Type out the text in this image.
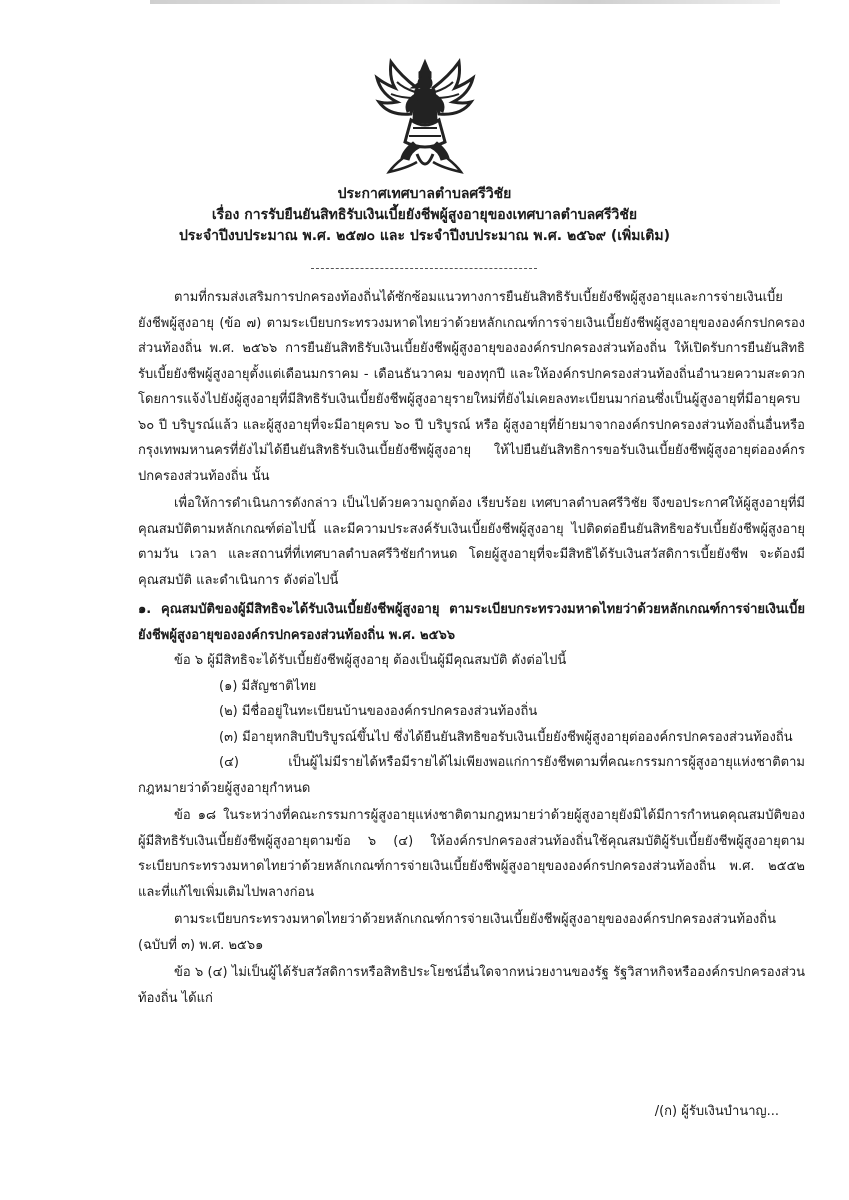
ประกาศเทศบาลตำบลศรีวิชัย
เรื่อง การรับยืนยันสิทธิรับเงินเบี้ยยังชีพผู้สูงอายุของเทศบาลตำบลศรีวิชัย
ประจำปีงบประมาณ พ.ศ. ๒๕๗๐ และ ประจำปีงบประมาณ พ.ศ. ๒๕๖๙ (เพิ่มเติม)

ตามที่กรมส่งเสริมการปกครองท้องถิ่นได้ซักซ้อมแนวทางการยืนยันสิทธิรับเบี้ยยังชีพผู้สูงอายุและการจ่ายเงินเบี้ยยังชีพผู้สูงอายุ (ข้อ ๗) ตามระเบียบกระทรวงมหาดไทยว่าด้วยหลักเกณฑ์การจ่ายเงินเบี้ยยังชีพผู้สูงอายุขององค์กรปกครองส่วนท้องถิ่น พ.ศ. ๒๕๖๖ การยืนยันสิทธิรับเงินเบี้ยยังชีพผู้สูงอายุขององค์กรปกครองส่วนท้องถิ่น ให้เปิดรับการยืนยันสิทธิรับเบี้ยยังชีพผู้สูงอายุตั้งแต่เดือนมกราคม - เดือนธันวาคม ของทุกปี และให้องค์กรปกครองส่วนท้องถิ่นอำนวยความสะดวกโดยการแจ้งไปยังผู้สูงอายุที่มีสิทธิรับเงินเบี้ยยังชีพผู้สูงอายุรายใหม่ที่ยังไม่เคยลงทะเบียนมาก่อนซึ่งเป็นผู้สูงอายุที่มีอายุครบ ๖๐ ปี บริบูรณ์แล้ว และผู้สูงอายุที่จะมีอายุครบ ๖๐ ปี บริบูรณ์ หรือ ผู้สูงอายุที่ย้ายมาจากองค์กรปกครองส่วนท้องถิ่นอื่นหรือกรุงเทพมหานครที่ยังไม่ได้ยืนยันสิทธิรับเงินเบี้ยยังชีพผู้สูงอายุ ให้ไปยืนยันสิทธิการขอรับเงินเบี้ยยังชีพผู้สูงอายุต่อองค์กรปกครองส่วนท้องถิ่น นั้น

เพื่อให้การดำเนินการดังกล่าว เป็นไปด้วยความถูกต้อง เรียบร้อย เทศบาลตำบลศรีวิชัย จึงขอประกาศให้ผู้สูงอายุที่มีคุณสมบัติตามหลักเกณฑ์ต่อไปนี้ และมีความประสงค์รับเงินเบี้ยยังชีพผู้สูงอายุ ไปติดต่อยืนยันสิทธิขอรับเบี้ยยังชีพผู้สูงอายุ ตามวัน เวลา และสถานที่ที่เทศบาลตำบลศรีวิชัยกำหนด โดยผู้สูงอายุที่จะมีสิทธิได้รับเงินสวัสดิการเบี้ยยังชีพ จะต้องมีคุณสมบัติ และดำเนินการ ดังต่อไปนี้

๑. คุณสมบัติของผู้มีสิทธิจะได้รับเงินเบี้ยยังชีพผู้สูงอายุ ตามระเบียบกระทรวงมหาดไทยว่าด้วยหลักเกณฑ์การจ่ายเงินเบี้ยยังชีพผู้สูงอายุขององค์กรปกครองส่วนท้องถิ่น พ.ศ. ๒๕๖๖

ข้อ ๖ ผู้มีสิทธิจะได้รับเบี้ยยังชีพผู้สูงอายุ ต้องเป็นผู้มีคุณสมบัติ ดังต่อไปนี้

(๑) มีสัญชาติไทย

(๒) มีชื่ออยู่ในทะเบียนบ้านขององค์กรปกครองส่วนท้องถิ่น

(๓) มีอายุหกสิบปีบริบูรณ์ขึ้นไป ซึ่งได้ยืนยันสิทธิขอรับเงินเบี้ยยังชีพผู้สูงอายุต่อองค์กรปกครองส่วนท้องถิ่น

(๔) เป็นผู้ไม่มีรายได้หรือมีรายได้ไม่เพียงพอแก่การยังชีพตามที่คณะกรรมการผู้สูงอายุแห่งชาติตามกฎหมายว่าด้วยผู้สูงอายุกำหนด

ข้อ ๑๘ ในระหว่างที่คณะกรรมการผู้สูงอายุแห่งชาติตามกฎหมายว่าด้วยผู้สูงอายุยังมิได้มีการกำหนดคุณสมบัติของผู้มีสิทธิรับเงินเบี้ยยังชีพผู้สูงอายุตามข้อ ๖ (๔) ให้องค์กรปกครองส่วนท้องถิ่นใช้คุณสมบัติผู้รับเบี้ยยังชีพผู้สูงอายุตามระเบียบกระทรวงมหาดไทยว่าด้วยหลักเกณฑ์การจ่ายเงินเบี้ยยังชีพผู้สูงอายุขององค์กรปกครองส่วนท้องถิ่น พ.ศ. ๒๕๕๒ และที่แก้ไขเพิ่มเติมไปพลางก่อน

ตามระเบียบกระทรวงมหาดไทยว่าด้วยหลักเกณฑ์การจ่ายเงินเบี้ยยังชีพผู้สูงอายุขององค์กรปกครองส่วนท้องถิ่น (ฉบับที่ ๓) พ.ศ. ๒๕๖๑

ข้อ ๖ (๔) ไม่เป็นผู้ได้รับสวัสดิการหรือสิทธิประโยชน์อื่นใดจากหน่วยงานของรัฐ รัฐวิสาหกิจหรือองค์กรปกครองส่วนท้องถิ่น ได้แก่

/(ก) ผู้รับเงินบำนาญ...
